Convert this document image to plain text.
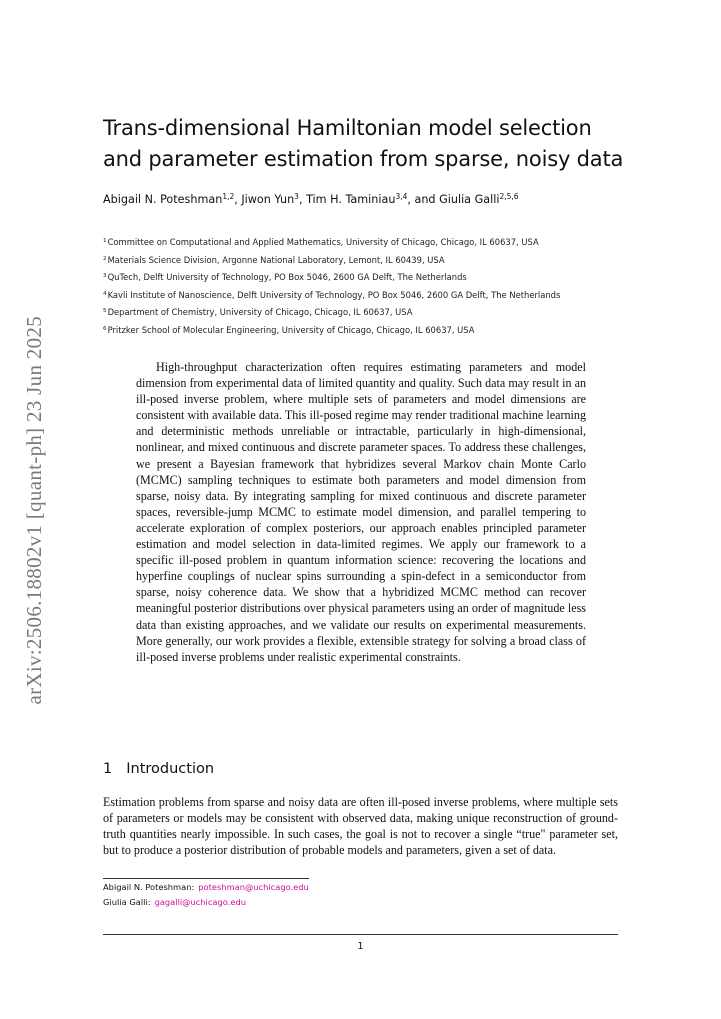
arXiv:2506.18802v1 [quant-ph] 23 Jun 2025
Trans-dimensional Hamiltonian model selection and parameter estimation from sparse, noisy data
Abigail N. Poteshman$^{1,2}$, Jiwon Yun$^3$, Tim H. Taminiau$^{3,4}$, and Giulia Galli$^{2,5,6}$
$^1$Committee on Computational and Applied Mathematics, University of Chicago, Chicago, IL 60637, USA
$^2$Materials Science Division, Argonne National Laboratory, Lemont, IL 60439, USA
$^3$QuTech, Delft University of Technology, PO Box 5046, 2600 GA Delft, The Netherlands
$^4$Kavli Institute of Nanoscience, Delft University of Technology, PO Box 5046, 2600 GA Delft, The Netherlands
$^5$Department of Chemistry, University of Chicago, Chicago, IL 60637, USA
$^6$Pritzker School of Molecular Engineering, University of Chicago, Chicago, IL 60637, USA

High-throughput characterization often requires estimating parameters and model dimension from experimental data of limited quantity and quality. Such data may result in an ill-posed inverse problem, where multiple sets of parameters and model dimensions are consistent with available data. This ill-posed regime may render traditional machine learning and deterministic methods unreliable or intractable, particularly in high-dimensional, nonlinear, and mixed continuous and discrete parameter spaces. To address these challenges, we present a Bayesian framework that hybridizes several Markov chain Monte Carlo (MCMC) sampling techniques to estimate both parameters and model dimension from sparse, noisy data. By integrating sampling for mixed continuous and discrete parameter spaces, reversible-jump MCMC to estimate model dimension, and parallel tempering to accelerate exploration of complex posteriors, our approach enables principled parameter estimation and model selection in data-limited regimes. We apply our framework to a specific ill-posed problem in quantum information science: recovering the locations and hyperfine couplings of nuclear spins surrounding a spin-defect in a semiconductor from sparse, noisy coherence data. We show that a hybridized MCMC method can recover meaningful posterior distributions over physical parameters using an order of magnitude less data than existing approaches, and we validate our results on experimental measurements. More generally, our work provides a flexible, extensible strategy for solving a broad class of ill-posed inverse problems under realistic experimental constraints.

1 Introduction

Estimation problems from sparse and noisy data are often ill-posed inverse problems, where multiple sets of parameters or models may be consistent with observed data, making unique reconstruction of ground-truth quantities nearly impossible. In such cases, the goal is not to recover a single “true" parameter set, but to produce a posterior distribution of probable models and parameters, given a set of data.

Abigail N. Poteshman: poteshman@uchicago.edu
Giulia Galli: gagalli@uchicago.edu
1
